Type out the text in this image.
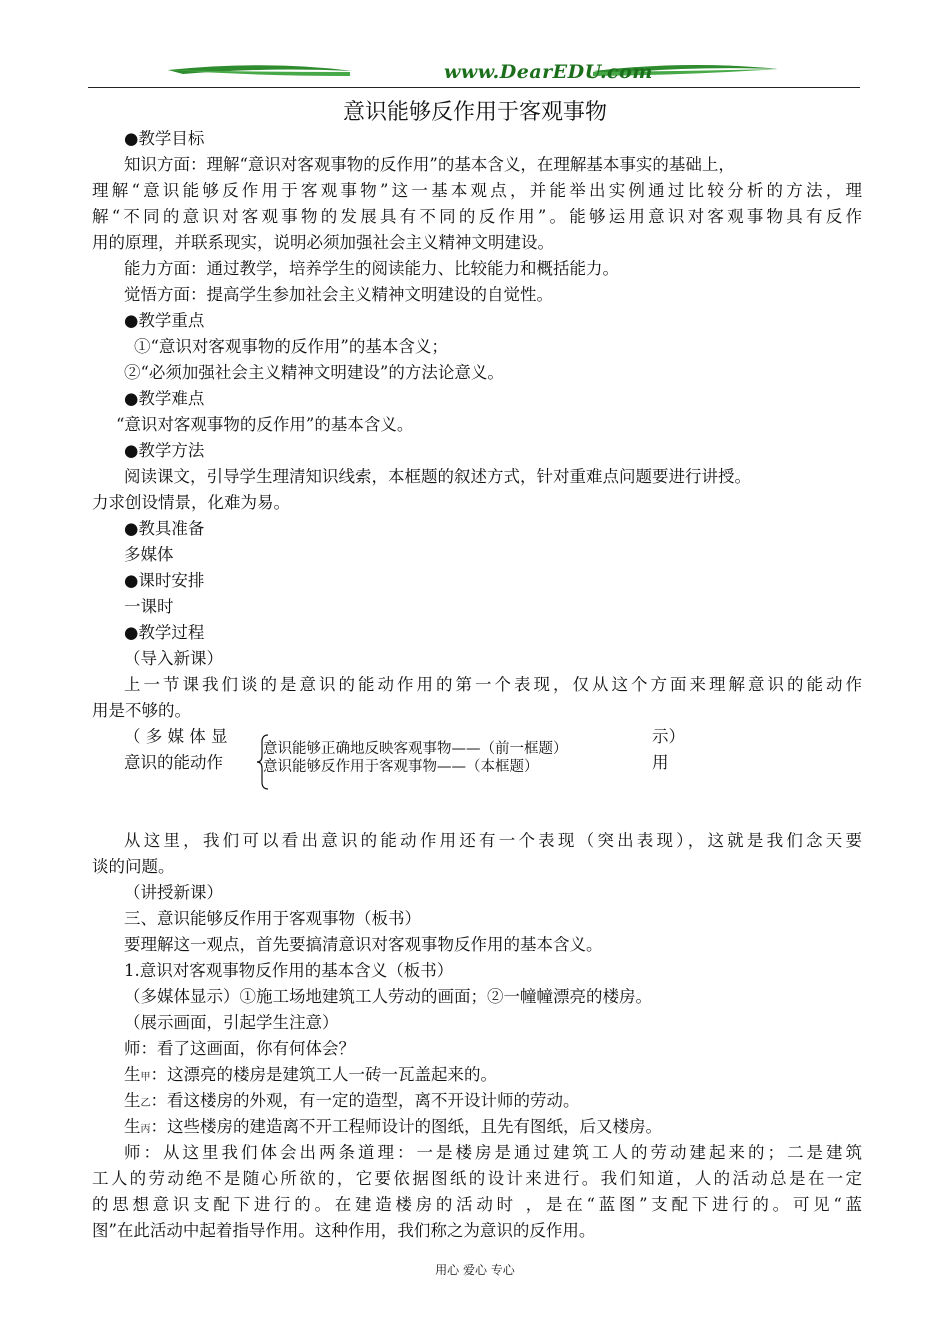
www.DearEDU.com
意识能够反作用于客观事物
●教学目标
知识方面：理解“意识对客观事物的反作用”的基本含义，在理解基本事实的基础上，
理解“意识能够反作用于客观事物”这一基本观点，并能举出实例通过比较分析的方法，理
解“不同的意识对客观事物的发展具有不同的反作用”。能够运用意识对客观事物具有反作
用的原理，并联系现实，说明必须加强社会主义精神文明建设。
能力方面：通过教学，培养学生的阅读能力、比较能力和概括能力。
觉悟方面：提高学生参加社会主义精神文明建设的自觉性。
●教学重点
①“意识对客观事物的反作用”的基本含义；
②“必须加强社会主义精神文明建设”的方法论意义。
●教学难点
“意识对客观事物的反作用”的基本含义。
●教学方法
阅读课文，引导学生理清知识线索，本框题的叙述方式，针对重难点问题要进行讲授。
力求创设情景，化难为易。
●教具准备
多媒体
●课时安排
一课时
●教学过程
（导入新课）
上一节课我们谈的是意识的能动作用的第一个表现，仅从这个方面来理解意识的能动作
用是不够的。
（ 多 媒 体 显
意识的能动作
示）
用
意识能够正确地反映客观事物——（前一框题）
意识能够反作用于客观事物——（本框题）
从这里，我们可以看出意识的能动作用还有一个表现（突出表现），这就是我们念天要
谈的问题。
（讲授新课）
三、意识能够反作用于客观事物（板书）
要理解这一观点，首先要搞清意识对客观事物反作用的基本含义。
1.意识对客观事物反作用的基本含义（板书）
（多媒体显示）①施工场地建筑工人劳动的画面；②一幢幢漂亮的楼房。
（展示画面，引起学生注意）
师：看了这画面，你有何体会？
生甲：这漂亮的楼房是建筑工人一砖一瓦盖起来的。
生乙：看这楼房的外观，有一定的造型，离不开设计师的劳动。
生丙：这些楼房的建造离不开工程师设计的图纸，且先有图纸，后又楼房。
师：从这里我们体会出两条道理：一是楼房是通过建筑工人的劳动建起来的；二是建筑
工人的劳动绝不是随心所欲的，它要依据图纸的设计来进行。我们知道，人的活动总是在一定
的思想意识支配下进行的。在建造楼房的活动时 ，是在“蓝图”支配下进行的。可见“蓝
图”在此活动中起着指导作用。这种作用，我们称之为意识的反作用。
用心 爱心 专心
